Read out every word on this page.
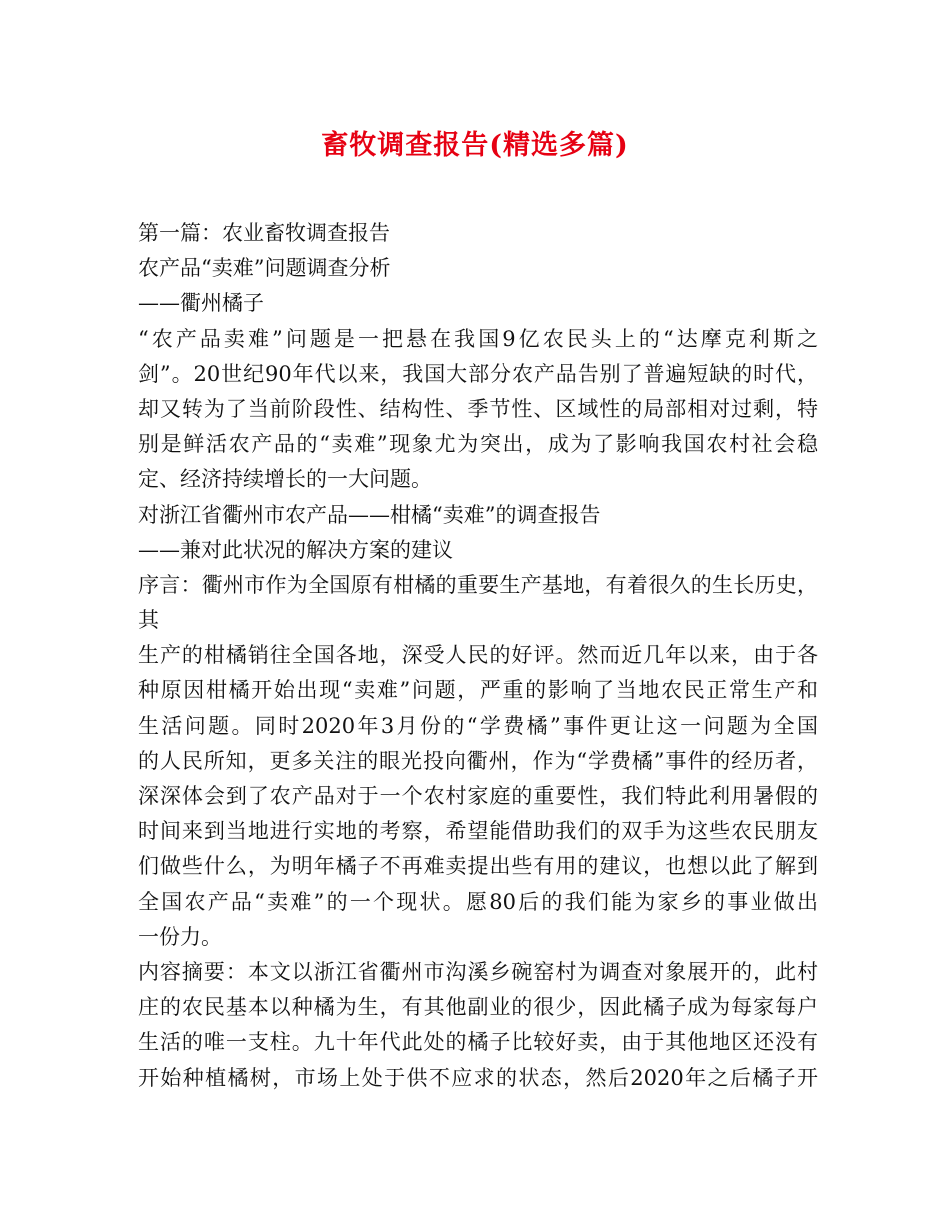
畜牧调查报告(精选多篇)
第一篇：农业畜牧调查报告
农产品“卖难”问题调查分析
——衢州橘子
“农产品卖难”问题是一把悬在我国9亿农民头上的“达摩克利斯之
剑”。20世纪90年代以来，我国大部分农产品告别了普遍短缺的时代，
却又转为了当前阶段性、结构性、季节性、区域性的局部相对过剩，特
别是鲜活农产品的“卖难”现象尤为突出，成为了影响我国农村社会稳
定、经济持续增长的一大问题。
对浙江省衢州市农产品——柑橘“卖难”的调查报告
——兼对此状况的解决方案的建议
序言：衢州市作为全国原有柑橘的重要生产基地，有着很久的生长历史，
其
生产的柑橘销往全国各地，深受人民的好评。然而近几年以来，由于各
种原因柑橘开始出现“卖难”问题，严重的影响了当地农民正常生产和
生活问题。同时2020年3月份的“学费橘”事件更让这一问题为全国
的人民所知，更多关注的眼光投向衢州，作为“学费橘”事件的经历者，
深深体会到了农产品对于一个农村家庭的重要性，我们特此利用暑假的
时间来到当地进行实地的考察，希望能借助我们的双手为这些农民朋友
们做些什么，为明年橘子不再难卖提出些有用的建议，也想以此了解到
全国农产品“卖难”的一个现状。愿80后的我们能为家乡的事业做出
一份力。
内容摘要：本文以浙江省衢州市沟溪乡碗窑村为调查对象展开的，此村
庄的农民基本以种橘为生，有其他副业的很少，因此橘子成为每家每户
生活的唯一支柱。九十年代此处的橘子比较好卖，由于其他地区还没有
开始种植橘树，市场上处于供不应求的状态，然后2020年之后橘子开
